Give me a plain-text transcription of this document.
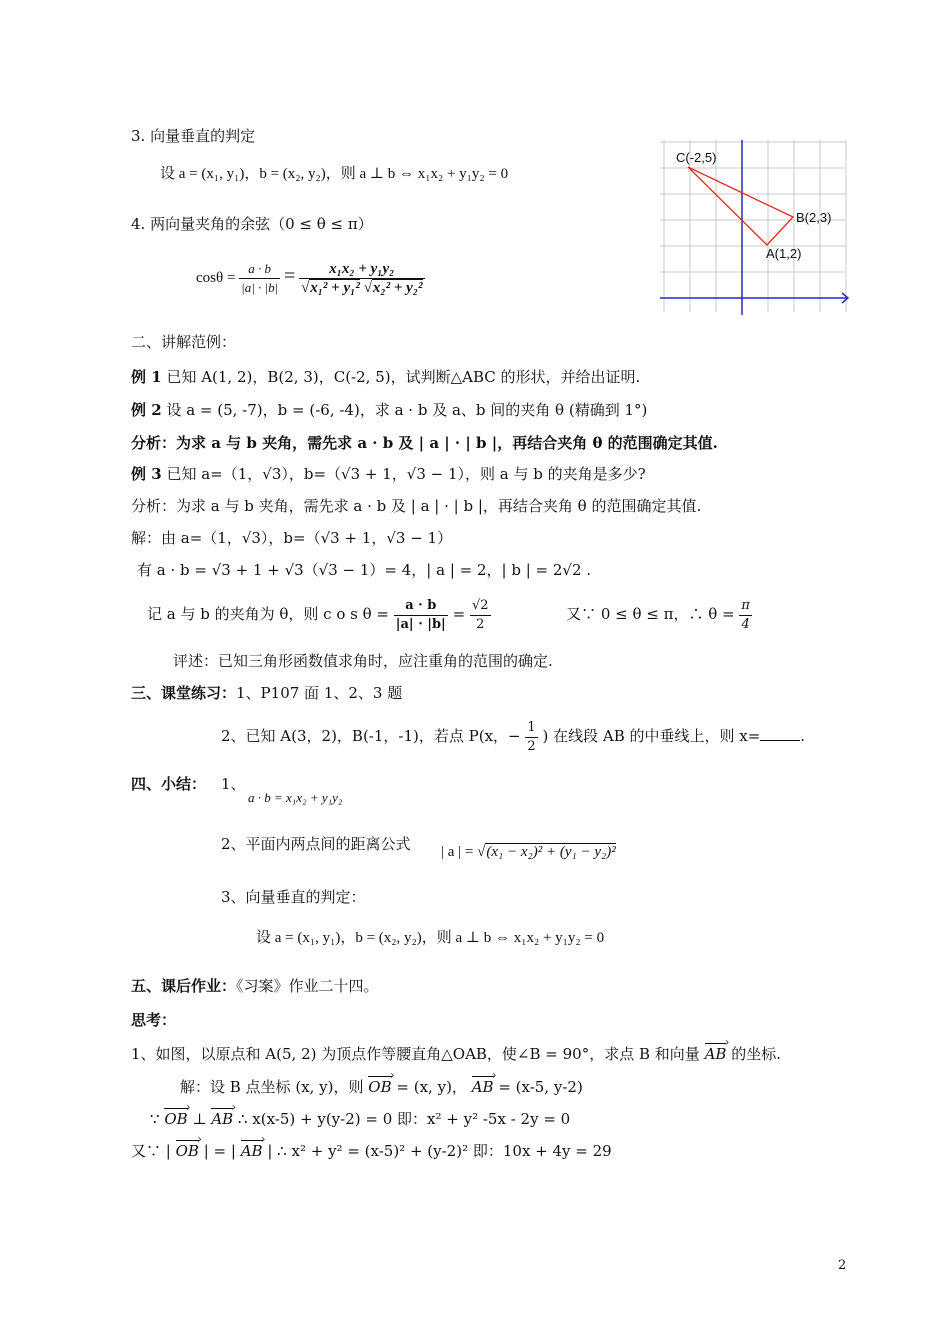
3. 向量垂直的判定
设 a = (x₁, y₁)，b = (x₂, y₂)，则 a ⊥ b ⇔ x₁x₂ + y₁y₂ = 0
4. 两向量夹角的余弦（0 ≤ θ ≤ π）
$\cos\theta = \frac{a \cdot b}{|a| \cdot |b|} = \frac{\text{x₁x₂ + y₁y₂}}{\text{√x₁² + y₁² √x₂² + y₂²}}$
C(-2,5)
B(2,3)
A(1,2)
二、讲解范例：
例 1 已知 A(1, 2)，B(2, 3)，C(-2, 5)，试判断△ABC 的形状，并给出证明.
例 2 设 a = (5, -7)，b = (-6, -4)，求 a · b 及 a、b 间的夹角 θ (精确到 1°)
分析：为求 a 与 b 夹角，需先求 a · b 及 | a | · | b |，再结合夹角 θ 的范围确定其值.
例 3 已知 a=（1，√3），b=（√3 + 1，√3 − 1），则 a 与 b 的夹角是多少?
分析：为求 a 与 b 夹角，需先求 a · b 及 | a | · | b |，再结合夹角 θ 的范围确定其值.
解：由 a=（1，√3），b=（√3 + 1，√3 − 1）
有 a · b = √3 + 1 + √3（√3 − 1）= 4，| a | = 2，| b | = 2√2 .
记 a 与 b 的夹角为 θ，则 c o s $\theta = \frac{a \cdot b}{|a| \cdot |b|} = \frac{√2}{2}$	又∵ 0 ≤ θ ≤ π，∴ $\theta = \frac{\pi}{4}$
评述：已知三角形函数值求角时，应注重角的范围的确定.
三、课堂练习：1、P107 面 1、2、3 题
2、已知 A(3，2)，B(-1，-1)，若点 P(x，− $\frac{1}{2}$ ) 在线段 AB 的中垂线上，则 x=	.
四、小结： 1、
a · b = x₁x₂ + y₁y₂
2、平面内两点间的距离公式 | a | = √(x₁ − x₂)² + (y₁ − y₂)²
3、向量垂直的判定：
设 a = (x₁, y₁)，b = (x₂, y₂)，则 a ⊥ b ⇔ x₁x₂ + y₁y₂ = 0
五、课后作业：《习案》作业二十四。
思考：
1、如图，以原点和 A(5, 2) 为顶点作等腰直角△OAB，使∠B = 90°，求点 B 和向量 AB › 的坐标.
解：设 B 点坐标 (x, y)，则 OB › = (x, y)， AB › = (x-5, y-2)
∵ OB › ⊥ AB › ∴ x(x-5) + y(y-2) = 0 即：x² + y² -5x - 2y = 0
又∵ | OB › | = | AB › | ∴ x² + y² = (x-5)² + (y-2)² 即：10x + 4y = 29
2
